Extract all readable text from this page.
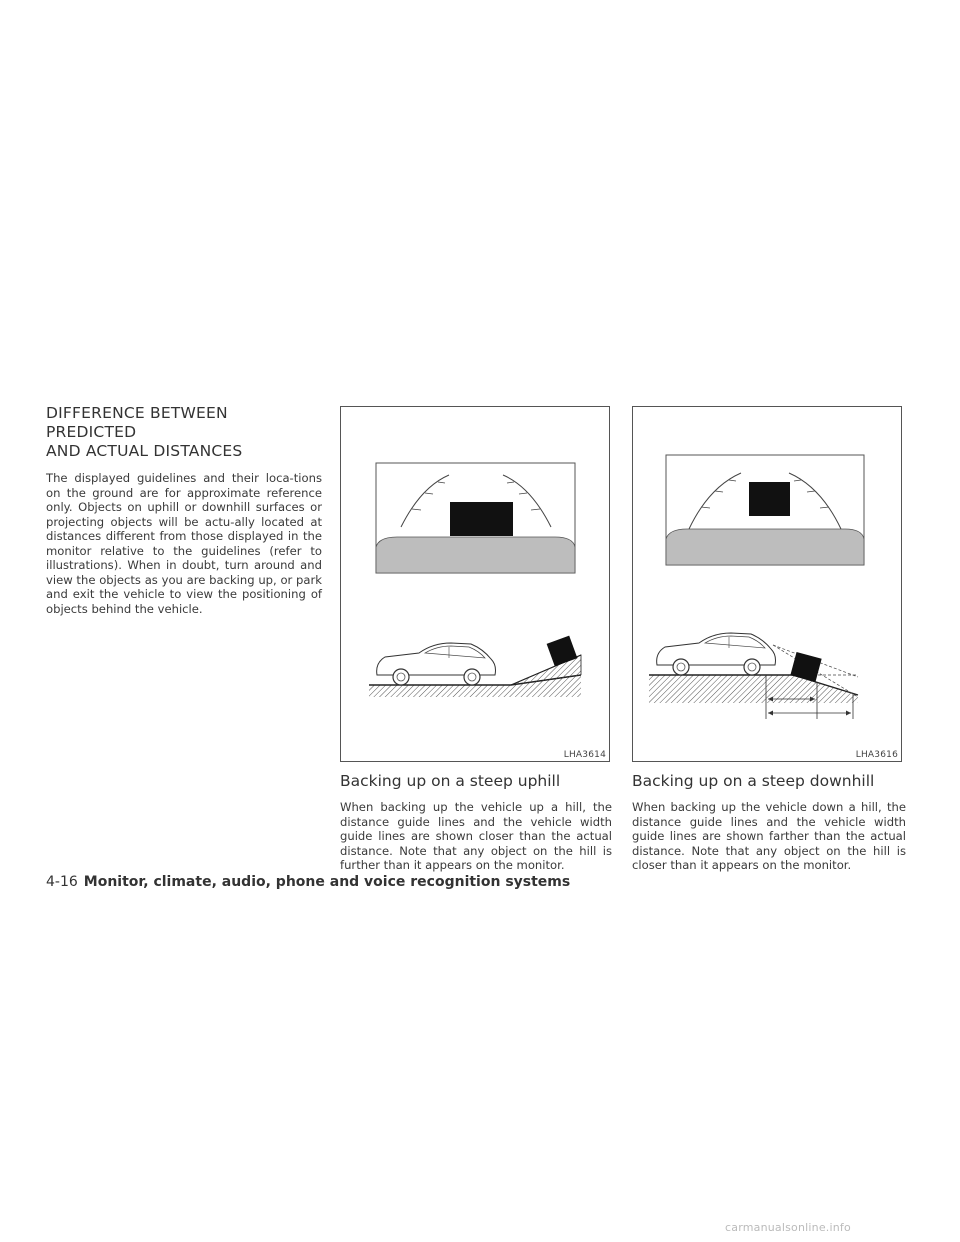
DIFFERENCE BETWEEN PREDICTED
AND ACTUAL DISTANCES

The displayed guidelines and their loca-tions on the ground are for approximate reference only. Objects on uphill or downhill surfaces or projecting objects will be actu-ally located at distances different from those displayed in the monitor relative to the guidelines (refer to illustrations). When in doubt, turn around and view the objects as you are backing up, or park and exit the vehicle to view the positioning of objects behind the vehicle.

LHA3614
Backing up on a steep uphill

When backing up the vehicle up a hill, the distance guide lines and the vehicle width guide lines are shown closer than the actual distance. Note that any object on the hill is further than it appears on the monitor.

LHA3616
Backing up on a steep downhill

When backing up the vehicle down a hill, the distance guide lines and the vehicle width guide lines are shown farther than the actual distance. Note that any object on the hill is closer than it appears on the monitor.

4-16 Monitor, climate, audio, phone and voice recognition systems
carmanualsonline.info
